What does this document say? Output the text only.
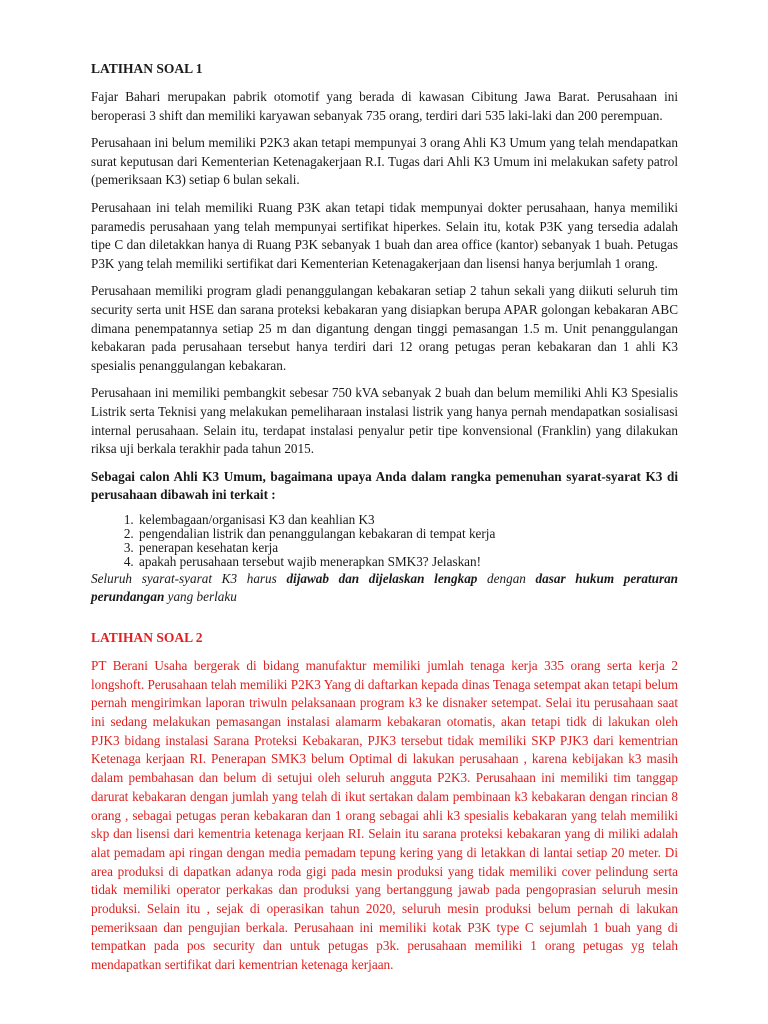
LATIHAN SOAL 1

Fajar Bahari merupakan pabrik otomotif yang berada di kawasan Cibitung Jawa Barat. Perusahaan ini beroperasi 3 shift dan memiliki karyawan sebanyak 735 orang, terdiri dari 535 laki-laki dan 200 perempuan.

Perusahaan ini belum memiliki P2K3 akan tetapi mempunyai 3 orang Ahli K3 Umum yang telah mendapatkan surat keputusan dari Kementerian Ketenagakerjaan R.I. Tugas dari Ahli K3 Umum ini melakukan safety patrol (pemeriksaan K3) setiap 6 bulan sekali.

Perusahaan ini telah memiliki Ruang P3K akan tetapi tidak mempunyai dokter perusahaan, hanya memiliki paramedis perusahaan yang telah mempunyai sertifikat hiperkes. Selain itu, kotak P3K yang tersedia adalah tipe C dan diletakkan hanya di Ruang P3K sebanyak 1 buah dan area office (kantor) sebanyak 1 buah. Petugas P3K yang telah memiliki sertifikat dari Kementerian Ketenagakerjaan dan lisensi hanya berjumlah 1 orang.

Perusahaan memiliki program gladi penanggulangan kebakaran setiap 2 tahun sekali yang diikuti seluruh tim security serta unit HSE dan sarana proteksi kebakaran yang disiapkan berupa APAR golongan kebakaran ABC dimana penempatannya setiap 25 m dan digantung dengan tinggi pemasangan 1.5 m. Unit penanggulangan kebakaran pada perusahaan tersebut hanya terdiri dari 12 orang petugas peran kebakaran dan 1 ahli K3 spesialis penanggulangan kebakaran.

Perusahaan ini memiliki pembangkit sebesar 750 kVA sebanyak 2 buah dan belum memiliki Ahli K3 Spesialis Listrik serta Teknisi yang melakukan pemeliharaan instalasi listrik yang hanya pernah mendapatkan sosialisasi internal perusahaan. Selain itu, terdapat instalasi penyalur petir tipe konvensional (Franklin) yang dilakukan riksa uji berkala terakhir pada tahun 2015.

Sebagai calon Ahli K3 Umum, bagaimana upaya Anda dalam rangka pemenuhan syarat-syarat K3 di perusahaan dibawah ini terkait :

1. kelembagaan/organisasi K3 dan keahlian K3
2. pengendalian listrik dan penanggulangan kebakaran di tempat kerja
3. penerapan kesehatan kerja
4. apakah perusahaan tersebut wajib menerapkan SMK3? Jelaskan!

Seluruh syarat-syarat K3 harus dijawab dan dijelaskan lengkap dengan dasar hukum peraturan perundangan yang berlaku

LATIHAN SOAL 2

PT Berani Usaha bergerak di bidang manufaktur memiliki jumlah tenaga kerja 335 orang serta kerja 2 longshoft. Perusahaan telah memiliki P2K3 Yang di daftarkan kepada dinas Tenaga setempat akan tetapi belum pernah mengirimkan laporan triwuln pelaksanaan program k3 ke disnaker setempat. Selai itu perusahaan saat ini sedang melakukan pemasangan instalasi alamarm kebakaran otomatis, akan tetapi tidk di lakukan oleh PJK3 bidang instalasi Sarana Proteksi Kebakaran, PJK3 tersebut tidak memiliki SKP PJK3 dari kementrian Ketenaga kerjaan RI. Penerapan SMK3 belum Optimal di lakukan perusahaan , karena kebijakan k3 masih dalam pembahasan dan belum di setujui oleh seluruh angguta P2K3. Perusahaan ini memiliki tim tanggap darurat kebakaran dengan jumlah yang telah di ikut sertakan dalam pembinaan k3 kebakaran dengan rincian 8 orang , sebagai petugas peran kebakaran dan 1 orang sebagai ahli k3 spesialis kebakaran yang telah memiliki skp dan lisensi dari kementria ketenaga kerjaan RI. Selain itu sarana proteksi kebakaran yang di miliki adalah alat pemadam api ringan dengan media pemadam tepung kering yang di letakkan di lantai setiap 20 meter. Di area produksi di dapatkan adanya roda gigi pada mesin produksi yang tidak memiliki cover pelindung serta tidak memiliki operator perkakas dan produksi yang bertanggung jawab pada pengoprasian seluruh mesin produksi. Selain itu , sejak di operasikan tahun 2020, seluruh mesin produksi belum pernah di lakukan pemeriksaan dan pengujian berkala. Perusahaan ini memiliki kotak P3K type C sejumlah 1 buah yang di tempatkan pada pos security dan untuk petugas p3k. perusahaan memiliki 1 orang petugas yg telah mendapatkan sertifikat dari kementrian ketenaga kerjaan.
